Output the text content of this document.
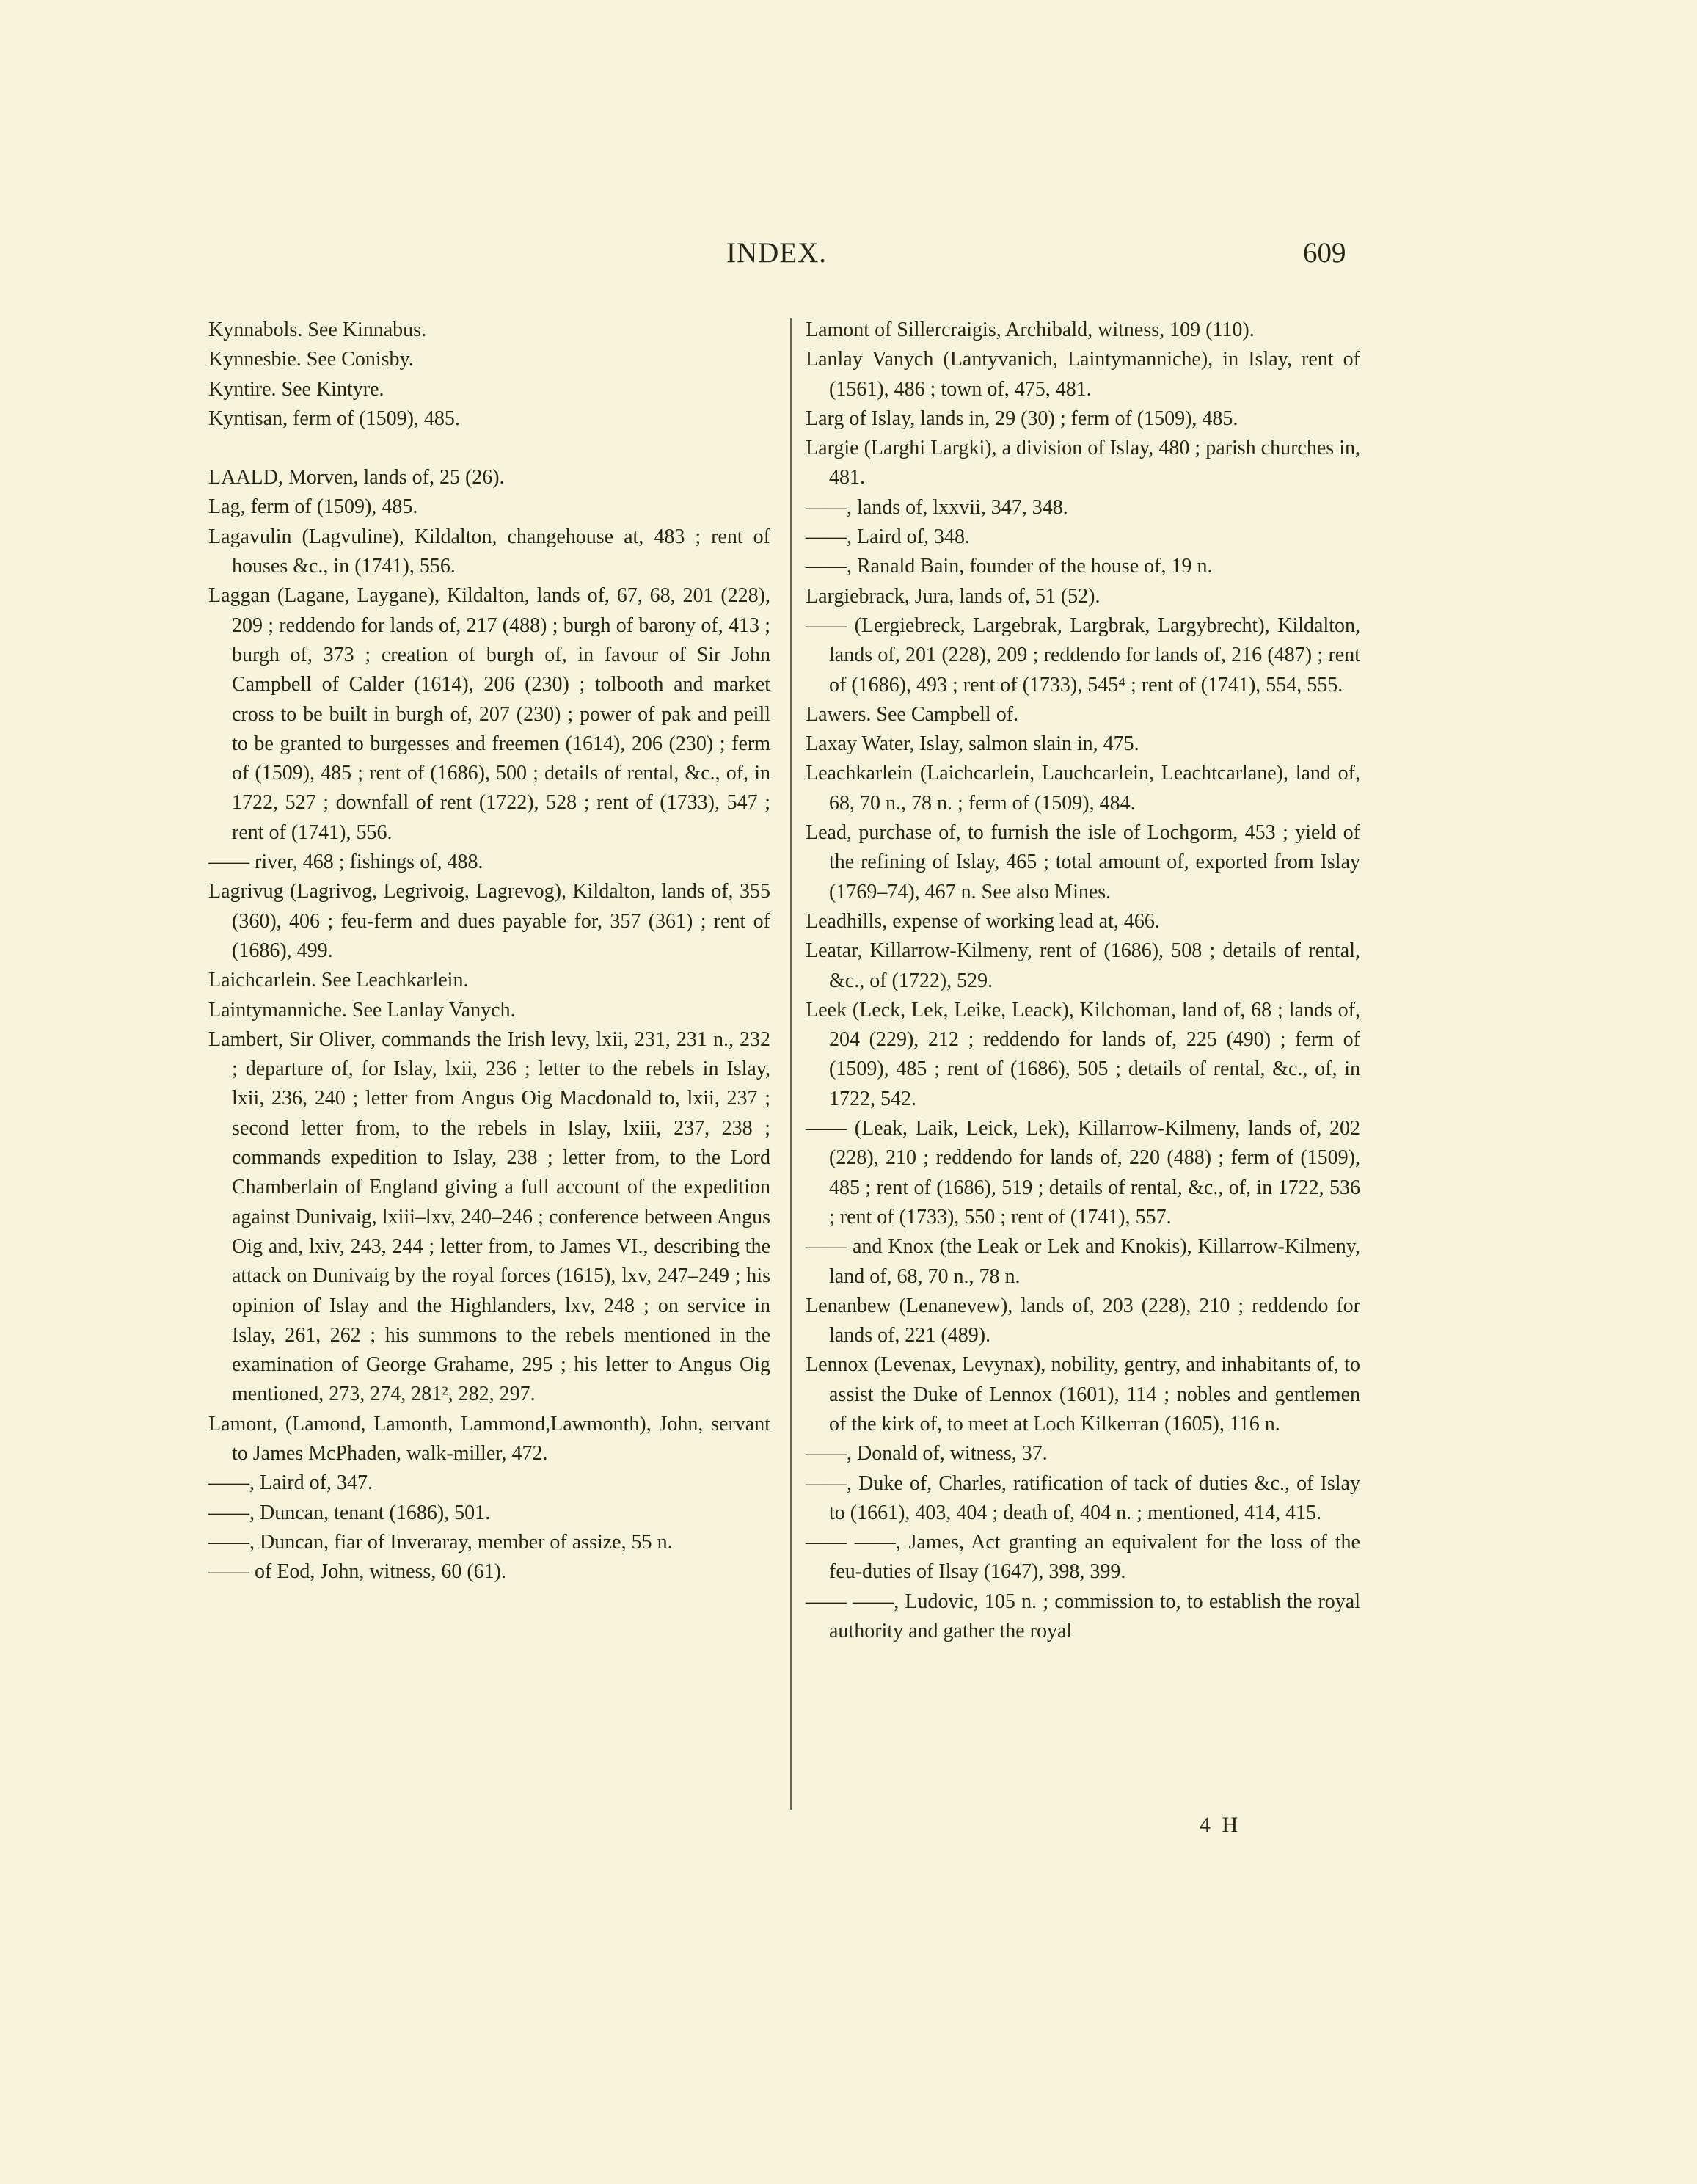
INDEX.	609

Kynnabols. See Kinnabus.

Kynnesbie. See Conisby.

Kyntire. See Kintyre.

Kyntisan, ferm of (1509), 485.

LAALD, Morven, lands of, 25 (26).

Lag, ferm of (1509), 485.

Lagavulin (Lagvuline), Kildalton, changehouse at, 483 ; rent of houses &c., in (1741), 556.

Laggan (Lagane, Laygane), Kildalton, lands of, 67, 68, 201 (228), 209 ; reddendo for lands of, 217 (488) ; burgh of barony of, 413 ; burgh of, 373 ; creation of burgh of, in favour of Sir John Campbell of Calder (1614), 206 (230) ; tolbooth and market cross to be built in burgh of, 207 (230) ; power of pak and peill to be granted to burgesses and freemen (1614), 206 (230) ; ferm of (1509), 485 ; rent of (1686), 500 ; details of rental, &c., of, in 1722, 527 ; downfall of rent (1722), 528 ; rent of (1733), 547 ; rent of (1741), 556.

—— river, 468 ; fishings of, 488.

Lagrivug (Lagrivog, Legrivoig, Lagrevog), Kildalton, lands of, 355 (360), 406 ; feu-ferm and dues payable for, 357 (361) ; rent of (1686), 499.

Laichcarlein. See Leachkarlein.

Laintymanniche. See Lanlay Vanych.

Lambert, Sir Oliver, commands the Irish levy, lxii, 231, 231 n., 232 ; departure of, for Islay, lxii, 236 ; letter to the rebels in Islay, lxii, 236, 240 ; letter from Angus Oig Macdonald to, lxii, 237 ; second letter from, to the rebels in Islay, lxiii, 237, 238 ; commands expedition to Islay, 238 ; letter from, to the Lord Chamberlain of England giving a full account of the expedition against Dunivaig, lxiii–lxv, 240–246 ; conference between Angus Oig and, lxiv, 243, 244 ; letter from, to James VI., describing the attack on Dunivaig by the royal forces (1615), lxv, 247–249 ; his opinion of Islay and the Highlanders, lxv, 248 ; on service in Islay, 261, 262 ; his summons to the rebels mentioned in the examination of George Grahame, 295 ; his letter to Angus Oig mentioned, 273, 274, 281², 282, 297.

Lamont, (Lamond, Lamonth, Lammond,Lawmonth), John, servant to James McPhaden, walk-miller, 472.

——, Laird of, 347.

——, Duncan, tenant (1686), 501.

——, Duncan, fiar of Inveraray, member of assize, 55 n.

—— of Eod, John, witness, 60 (61).

Lamont of Sillercraigis, Archibald, witness, 109 (110).

Lanlay Vanych (Lantyvanich, Laintymanniche), in Islay, rent of (1561), 486 ; town of, 475, 481.

Larg of Islay, lands in, 29 (30) ; ferm of (1509), 485.

Largie (Larghi Largki), a division of Islay, 480 ; parish churches in, 481.

——, lands of, lxxvii, 347, 348.

——, Laird of, 348.

——, Ranald Bain, founder of the house of, 19 n.

Largiebrack, Jura, lands of, 51 (52).

—— (Lergiebreck, Largebrak, Largbrak, Largybrecht), Kildalton, lands of, 201 (228), 209 ; reddendo for lands of, 216 (487) ; rent of (1686), 493 ; rent of (1733), 545⁴ ; rent of (1741), 554, 555.

Lawers. See Campbell of.

Laxay Water, Islay, salmon slain in, 475.

Leachkarlein (Laichcarlein, Lauchcarlein, Leachtcarlane), land of, 68, 70 n., 78 n. ; ferm of (1509), 484.

Lead, purchase of, to furnish the isle of Lochgorm, 453 ; yield of the refining of Islay, 465 ; total amount of, exported from Islay (1769–74), 467 n. See also Mines.

Leadhills, expense of working lead at, 466.

Leatar, Killarrow-Kilmeny, rent of (1686), 508 ; details of rental, &c., of (1722), 529.

Leek (Leck, Lek, Leike, Leack), Kilchoman, land of, 68 ; lands of, 204 (229), 212 ; reddendo for lands of, 225 (490) ; ferm of (1509), 485 ; rent of (1686), 505 ; details of rental, &c., of, in 1722, 542.

—— (Leak, Laik, Leick, Lek), Killarrow-Kilmeny, lands of, 202 (228), 210 ; reddendo for lands of, 220 (488) ; ferm of (1509), 485 ; rent of (1686), 519 ; details of rental, &c., of, in 1722, 536 ; rent of (1733), 550 ; rent of (1741), 557.

—— and Knox (the Leak or Lek and Knokis), Killarrow-Kilmeny, land of, 68, 70 n., 78 n.

Lenanbew (Lenanevew), lands of, 203 (228), 210 ; reddendo for lands of, 221 (489).

Lennox (Levenax, Levynax), nobility, gentry, and inhabitants of, to assist the Duke of Lennox (1601), 114 ; nobles and gentlemen of the kirk of, to meet at Loch Kilkerran (1605), 116 n.

——, Donald of, witness, 37.

——, Duke of, Charles, ratification of tack of duties &c., of Islay to (1661), 403, 404 ; death of, 404 n. ; mentioned, 414, 415.

—— ——, James, Act granting an equivalent for the loss of the feu-duties of Ilsay (1647), 398, 399.

—— ——, Ludovic, 105 n. ; commission to, to establish the royal authority and gather the royal

4 H
